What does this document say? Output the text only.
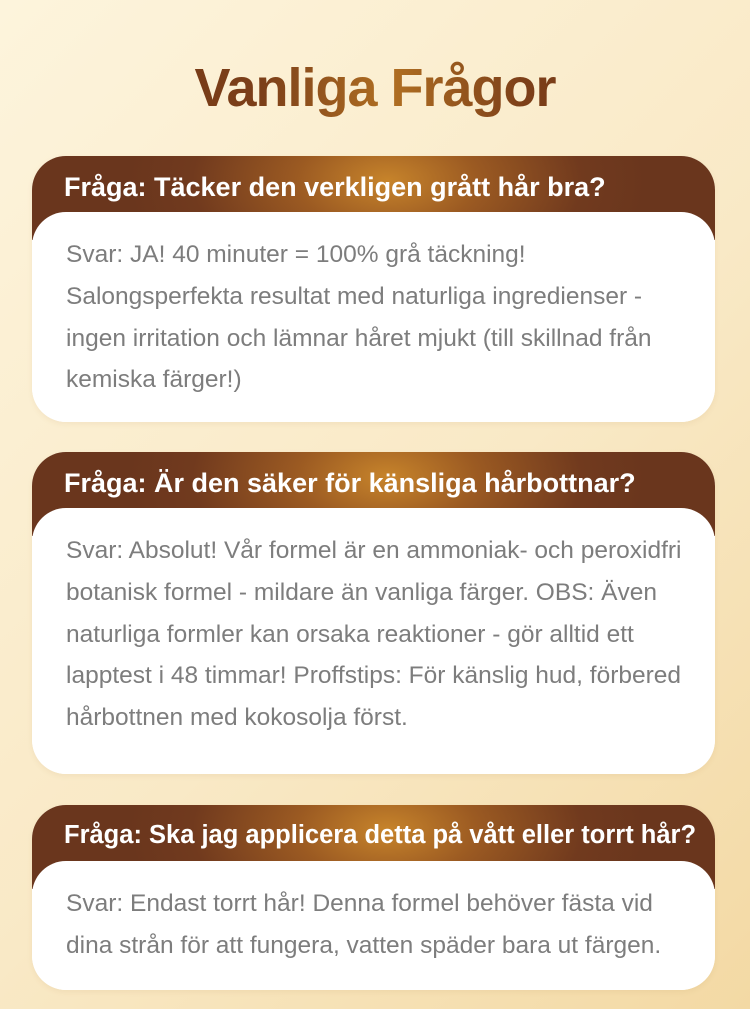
Vanliga Frågor
Fråga: Täcker den verkligen grått hår bra?
Svar: JA! 40 minuter = 100% grå täckning! Salongsperfekta resultat med naturliga ingredienser - ingen irritation och lämnar håret mjukt (till skillnad från kemiska färger!)
Fråga: Är den säker för känsliga hårbottnar?
Svar: Absolut! Vår formel är en ammoniak- och peroxidfri botanisk formel - mildare än vanliga färger. OBS: Även naturliga formler kan orsaka reaktioner - gör alltid ett lapptest i 48 timmar! Proffstips: För känslig hud, förbered hårbottnen med kokosolja först.
Fråga: Ska jag applicera detta på vått eller torrt hår?
Svar: Endast torrt hår! Denna formel behöver fästa vid dina strån för att fungera, vatten späder bara ut färgen.
